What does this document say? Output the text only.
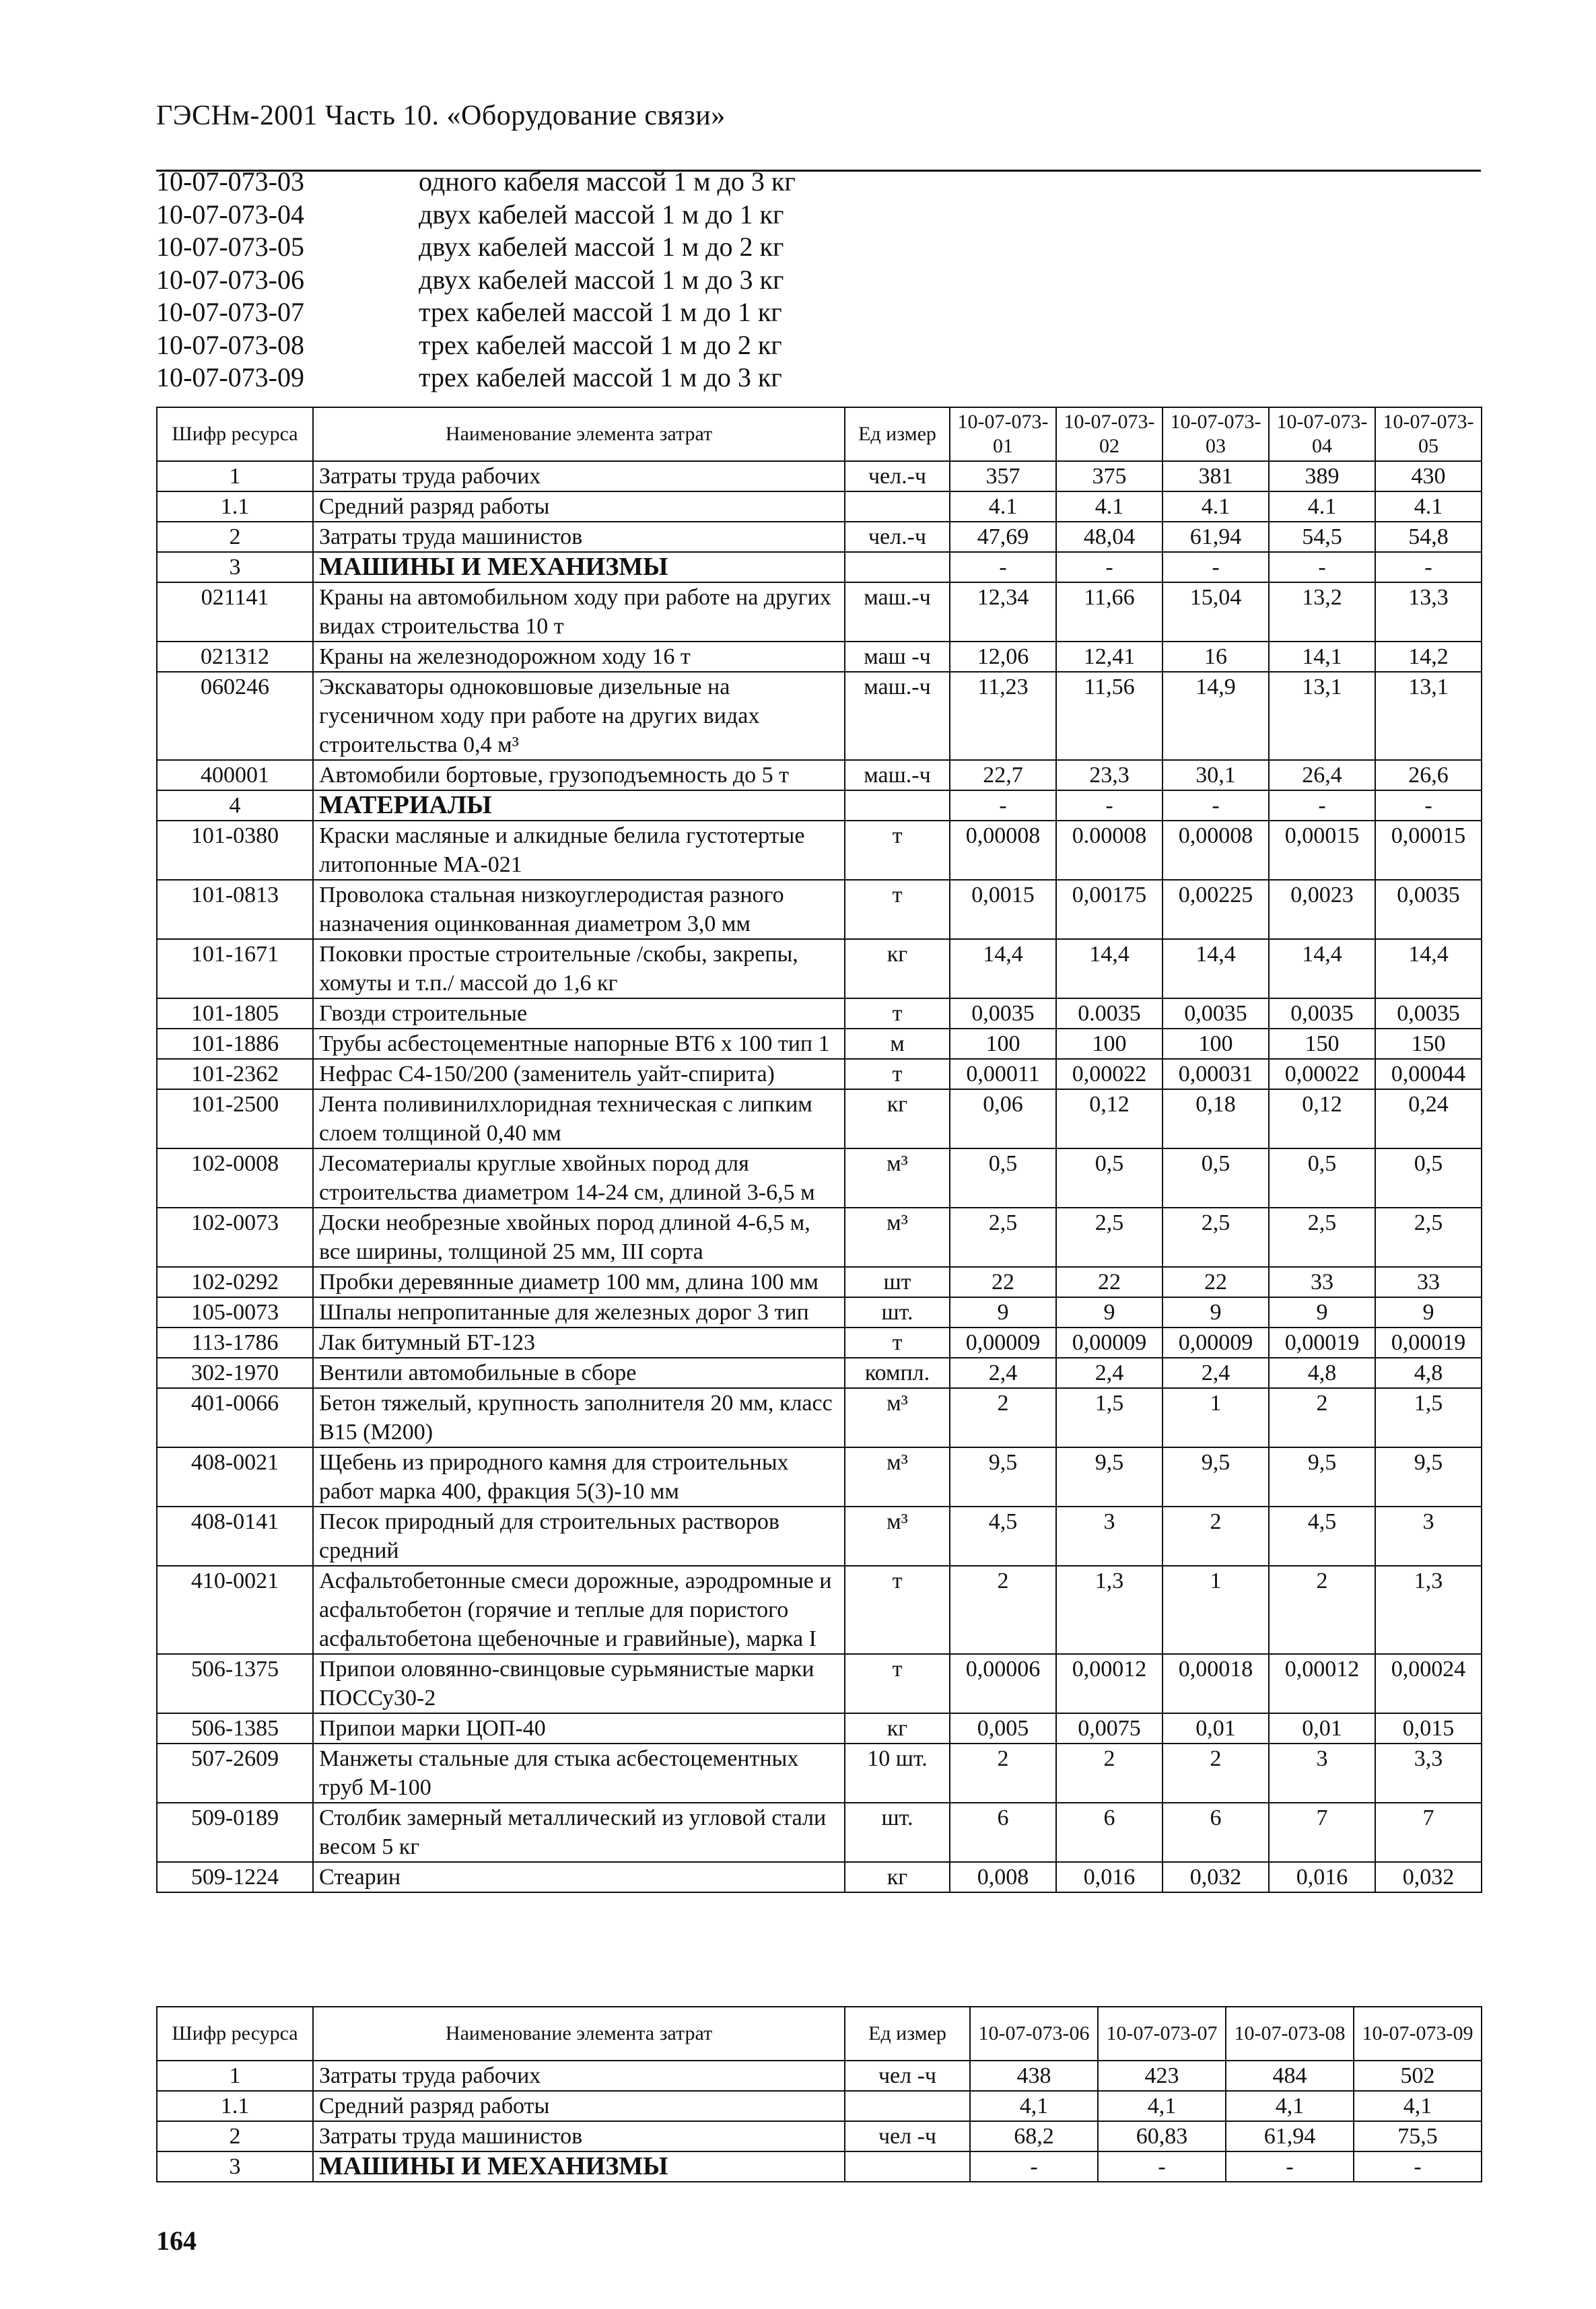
ГЭСНм-2001 Часть 10. «Оборудование связи»
10-07-073-03	одного кабеля массой 1 м до 3 кг
10-07-073-04	двух кабелей массой 1 м до 1 кг
10-07-073-05	двух кабелей массой 1 м до 2 кг
10-07-073-06	двух кабелей массой 1 м до 3 кг
10-07-073-07	трех кабелей массой 1 м до 1 кг
10-07-073-08	трех кабелей массой 1 м до 2 кг
10-07-073-09	трех кабелей массой 1 м до 3 кг
Шифр ресурса	Наименование элемента затрат	Ед измер	10-07-073-01	10-07-073-02	10-07-073-03	10-07-073-04	10-07-073-05
1	Затраты труда рабочих	чел.-ч	357	375	381	389	430
1.1	Средний разряд работы		4.1	4.1	4.1	4.1	4.1
2	Затраты труда машинистов	чел.-ч	47,69	48,04	61,94	54,5	54,8
3	МАШИНЫ И МЕХАНИЗМЫ		-	-	-	-	-
021141	Краны на автомобильном ходу при работе на других видах строительства 10 т	маш.-ч	12,34	11,66	15,04	13,2	13,3
021312	Краны на железнодорожном ходу 16 т	маш -ч	12,06	12,41	16	14,1	14,2
060246	Экскаваторы одноковшовые дизельные на гусеничном ходу при работе на других видах строительства 0,4 м³	маш.-ч	11,23	11,56	14,9	13,1	13,1
400001	Автомобили бортовые, грузоподъемность до 5 т	маш.-ч	22,7	23,3	30,1	26,4	26,6
4	МАТЕРИАЛЫ		-	-	-	-	-
101-0380	Краски масляные и алкидные белила густотертые литопонные МА-021	т	0,00008	0.00008	0,00008	0,00015	0,00015
101-0813	Проволока стальная низкоуглеродистая разного назначения оцинкованная диаметром 3,0 мм	т	0,0015	0,00175	0,00225	0,0023	0,0035
101-1671	Поковки простые строительные /скобы, закрепы, хомуты и т.п./ массой до 1,6 кг	кг	14,4	14,4	14,4	14,4	14,4
101-1805	Гвозди строительные	т	0,0035	0.0035	0,0035	0,0035	0,0035
101-1886	Трубы асбестоцементные напорные ВТ6 х 100 тип 1	м	100	100	100	150	150
101-2362	Нефрас С4-150/200 (заменитель уайт-спирита)	т	0,00011	0,00022	0,00031	0,00022	0,00044
101-2500	Лента поливинилхлоридная техническая с липким слоем толщиной 0,40 мм	кг	0,06	0,12	0,18	0,12	0,24
102-0008	Лесоматериалы круглые хвойных пород для строительства диаметром 14-24 см, длиной 3-6,5 м	м³	0,5	0,5	0,5	0,5	0,5
102-0073	Доски необрезные хвойных пород длиной 4-6,5 м, все ширины, толщиной 25 мм, III сорта	м³	2,5	2,5	2,5	2,5	2,5
102-0292	Пробки деревянные диаметр 100 мм, длина 100 мм	шт	22	22	22	33	33
105-0073	Шпалы непропитанные для железных дорог 3 тип	шт.	9	9	9	9	9
113-1786	Лак битумный БТ-123	т	0,00009	0,00009	0,00009	0,00019	0,00019
302-1970	Вентили автомобильные в сборе	компл.	2,4	2,4	2,4	4,8	4,8
401-0066	Бетон тяжелый, крупность заполнителя 20 мм, класс В15 (М200)	м³	2	1,5	1	2	1,5
408-0021	Щебень из природного камня для строительных работ марка 400, фракция 5(3)-10 мм	м³	9,5	9,5	9,5	9,5	9,5
408-0141	Песок природный для строительных растворов средний	м³	4,5	3	2	4,5	3
410-0021	Асфальтобетонные смеси дорожные, аэродромные и асфальтобетон (горячие и теплые для пористого асфальтобетона щебеночные и гравийные), марка I	т	2	1,3	1	2	1,3
506-1375	Припои оловянно-свинцовые сурьмянистые марки ПОССу30-2	т	0,00006	0,00012	0,00018	0,00012	0,00024
506-1385	Припои марки ЦОП-40	кг	0,005	0,0075	0,01	0,01	0,015
507-2609	Манжеты стальные для стыка асбестоцементных труб М-100	10 шт.	2	2	2	3	3,3
509-0189	Столбик замерный металлический из угловой стали весом 5 кг	шт.	6	6	6	7	7
509-1224	Стеарин	кг	0,008	0,016	0,032	0,016	0,032
Шифр ресурса	Наименование элемента затрат	Ед измер	10-07-073-06	10-07-073-07	10-07-073-08	10-07-073-09
1	Затраты труда рабочих	чел -ч	438	423	484	502
1.1	Средний разряд работы		4,1	4,1	4,1	4,1
2	Затраты труда машинистов	чел -ч	68,2	60,83	61,94	75,5
3	МАШИНЫ И МЕХАНИЗМЫ		-	-	-	-
164
